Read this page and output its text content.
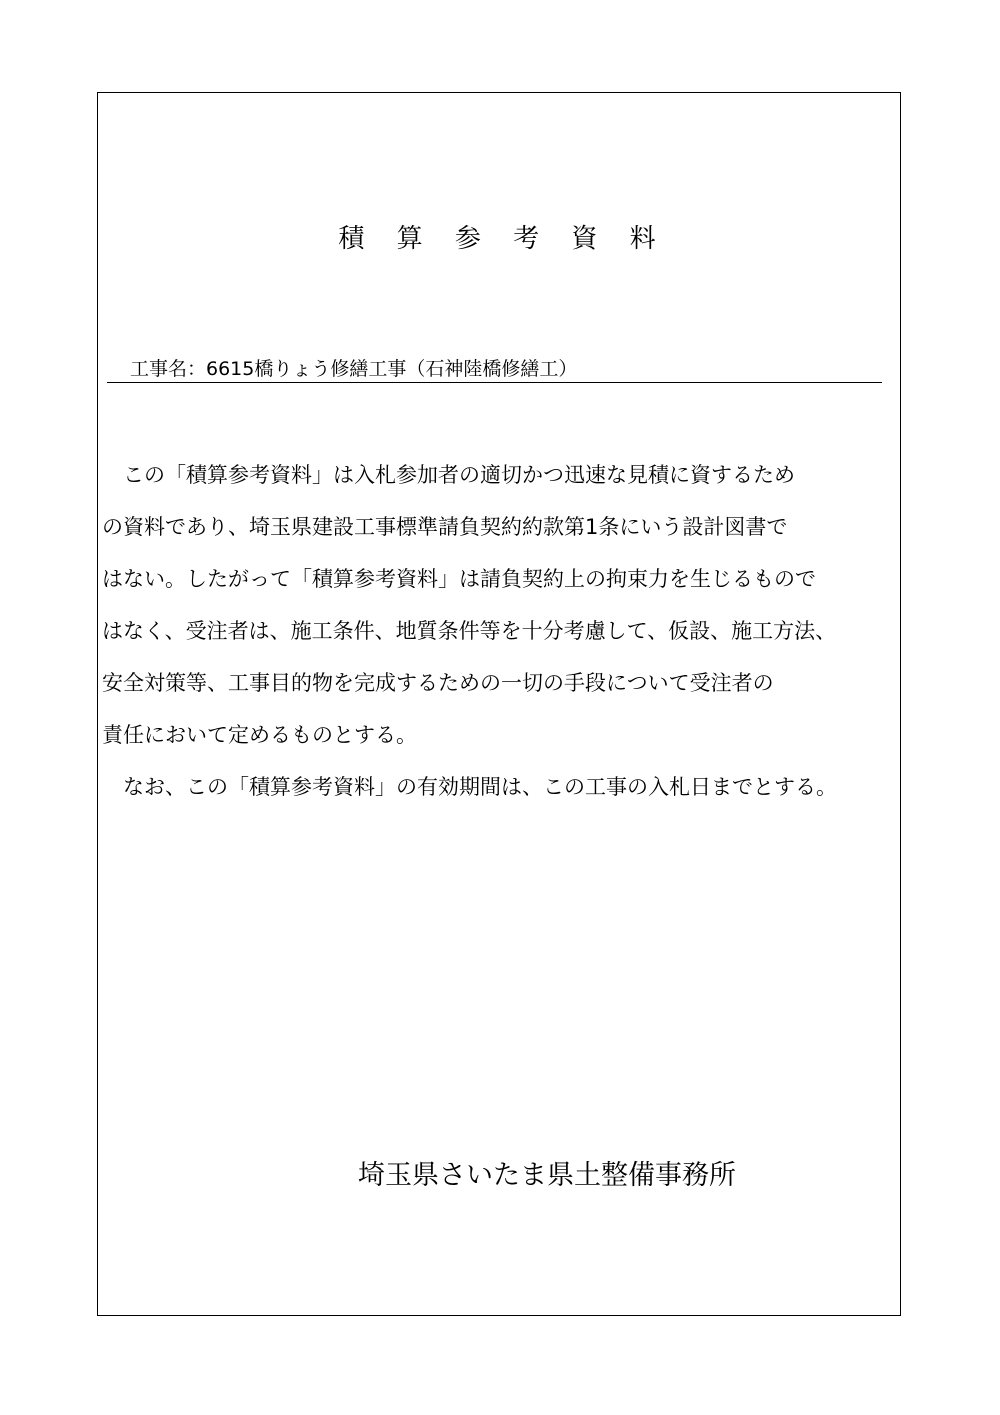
積 算 参 考 資 料
工事名：6615橋りょう修繕工事（石神陸橋修繕工）
　この「積算参考資料」は入札参加者の適切かつ迅速な見積に資するため
の資料であり、埼玉県建設工事標準請負契約約款第1条にいう設計図書で
はない。したがって「積算参考資料」は請負契約上の拘束力を生じるもので
はなく、受注者は、施工条件、地質条件等を十分考慮して、仮設、施工方法、
安全対策等、工事目的物を完成するための一切の手段について受注者の
責任において定めるものとする。
　なお、この「積算参考資料」の有効期間は、この工事の入札日までとする。
埼玉県さいたま県土整備事務所
